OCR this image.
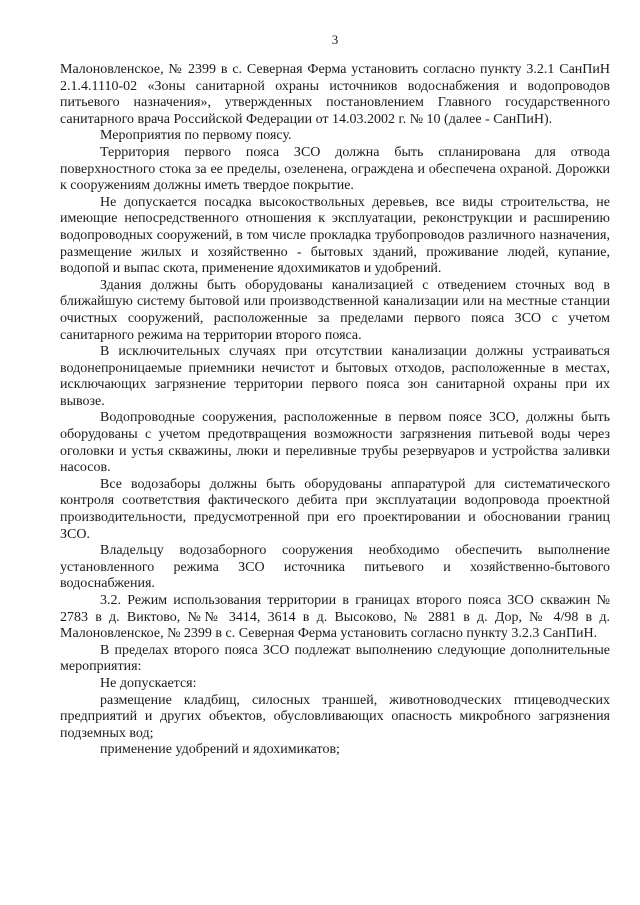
3

Малоновленское, № 2399 в с. Северная Ферма установить согласно пункту 3.2.1 СанПиН 2.1.4.1110-02 «Зоны санитарной охраны источников водоснабжения и водопроводов питьевого назначения», утвержденных постановлением Главного государственного санитарного врача Российской Федерации от 14.03.2002 г. № 10 (далее - СанПиН).

Мероприятия по первому поясу.

Территория первого пояса ЗСО должна быть спланирована для отвода поверхностного стока за ее пределы, озеленена, ограждена и обеспечена охраной. Дорожки к сооружениям должны иметь твердое покрытие.

Не допускается посадка высокоствольных деревьев, все виды строительства, не имеющие непосредственного отношения к эксплуатации, реконструкции и расширению водопроводных сооружений, в том числе прокладка трубопроводов различного назначения, размещение жилых и хозяйственно - бытовых зданий, проживание людей, купание, водопой и выпас скота, применение ядохимикатов и удобрений.

Здания должны быть оборудованы канализацией с отведением сточных вод в ближайшую систему бытовой или производственной канализации или на местные станции очистных сооружений, расположенные за пределами первого пояса ЗСО с учетом санитарного режима на территории второго пояса.

В исключительных случаях при отсутствии канализации должны устраиваться водонепроницаемые приемники нечистот и бытовых отходов, расположенные в местах, исключающих загрязнение территории первого пояса зон санитарной охраны при их вывозе.

Водопроводные сооружения, расположенные в первом поясе ЗСО, должны быть оборудованы с учетом предотвращения возможности загрязнения питьевой воды через оголовки и устья скважины, люки и переливные трубы резервуаров и устройства заливки насосов.

Все водозаборы должны быть оборудованы аппаратурой для систематического контроля соответствия фактического дебита при эксплуатации водопровода проектной производительности, предусмотренной при его проектировании и обосновании границ ЗСО.

Владельцу водозаборного сооружения необходимо обеспечить выполнение установленного режима ЗСО источника питьевого и хозяйственно-бытового водоснабжения.

3.2. Режим использования территории в границах второго пояса ЗСО скважин № 2783 в д. Виктово, №№ 3414, 3614 в д. Высоково, № 2881 в д. Дор, № 4/98 в д. Малоновленское, № 2399 в с. Северная Ферма установить согласно пункту 3.2.3 СанПиН.

В пределах второго пояса ЗСО подлежат выполнению следующие дополнительные мероприятия:

Не допускается:

размещение кладбищ, силосных траншей, животноводческих птицеводческих предприятий и других объектов, обусловливающих опасность микробного загрязнения подземных вод;

применение удобрений и ядохимикатов;
